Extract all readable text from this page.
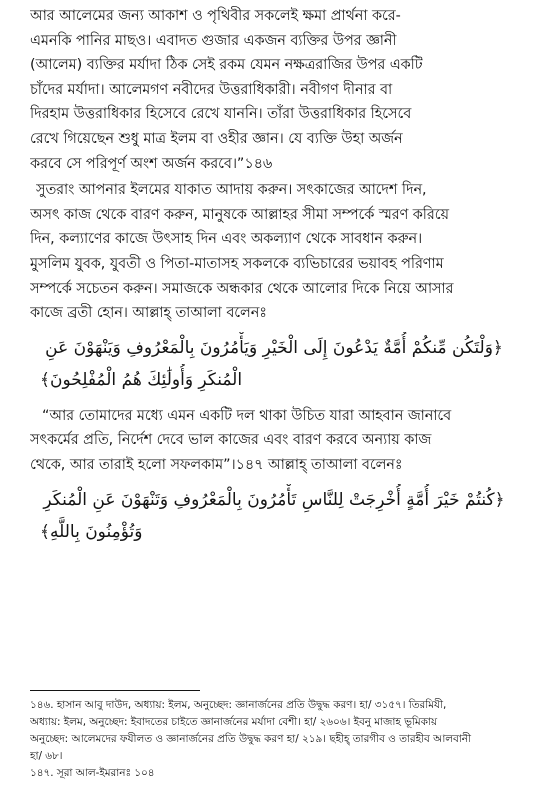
আর আলেমের জন্য আকাশ ও পৃথিবীর সকলেই ক্ষমা প্রার্থনা করে-
এমনকি পানির মাছও। এবাদত গুজার একজন ব্যক্তির উপর জ্ঞানী
(আলেম) ব্যক্তির মর্যাদা ঠিক সেই রকম যেমন নক্ষত্ররাজির উপর একটি
চাঁদের মর্যাদা। আলেমগণ নবীদের উত্তরাধিকারী। নবীগণ দীনার বা
দিরহাম উত্তরাধিকার হিসেবে রেখে যাননি। তাঁরা উত্তরাধিকার হিসেবে
রেখে গিয়েছেন শুধু মাত্র ইলম বা ওহীর জ্ঞান। যে ব্যক্তি উহা অর্জন
করবে সে পরিপূর্ণ অংশ অর্জন করবে।”১৪৬
সুতরাং আপনার ইলমের যাকাত আদায় করুন। সৎকাজের আদেশ দিন,
অসৎ কাজ থেকে বারণ করুন, মানুষকে আল্লাহর সীমা সম্পর্কে স্মরণ করিয়ে
দিন, কল্যাণের কাজে উৎসাহ দিন এবং অকল্যাণ থেকে সাবধান করুন।
মুসলিম যুবক, যুবতী ও পিতা-মাতাসহ সকলকে ব্যভিচারের ভয়াবহ পরিণাম
সম্পর্কে সচেতন করুন। সমাজকে অন্ধকার থেকে আলোর দিকে নিয়ে আসার
কাজে ব্রতী হোন। আল্লাহ্ তাআলা বলেনঃ
﴿وَلْتَكُن مِّنكُمْ أُمَّةٌ يَدْعُونَ إِلَى الْخَيْرِ وَيَأْمُرُونَ بِالْمَعْرُوفِ وَيَنْهَوْنَ عَنِ
الْمُنكَرِ وَأُولَٰئِكَ هُمُ الْمُفْلِحُونَ﴾
“আর তোমাদের মধ্যে এমন একটি দল থাকা উচিত যারা আহবান জানাবে
সৎকর্মের প্রতি, নির্দেশ দেবে ভাল কাজের এবং বারণ করবে অন্যায় কাজ
থেকে, আর তারাই হলো সফলকাম”।১৪৭ আল্লাহ্ তাআলা বলেনঃ
﴿كُنتُمْ خَيْرَ أُمَّةٍ أُخْرِجَتْ لِلنَّاسِ تَأْمُرُونَ بِالْمَعْرُوفِ وَتَنْهَوْنَ عَنِ الْمُنكَرِ
وَتُؤْمِنُونَ بِاللَّهِ﴾
১৪৬. হাসান আবু দাউদ, অধ্যায়: ইলম, অনুচ্ছেদ: জ্ঞানার্জনের প্রতি উদ্বুদ্ধ করণ। হা/ ৩১৫৭। তিরমিযী,
অধ্যায়: ইলম, অনুচ্ছেদ: ইবাদতের চাইতে জ্ঞানার্জনের মর্যাদা বেশী। হা/ ২৬০৬। ইবনু মাজাহ ভূমিকায়
অনুচ্ছেদ: আলেমদের ফযীলত ও জ্ঞানার্জনের প্রতি উদ্বুদ্ধ করণ হা/ ২১৯। ছহীহ্ তারগীব ও তারহীব আলবানী
হা/ ৬৮।
১৪৭. সূরা আল-ইমরানঃ ১০৪
